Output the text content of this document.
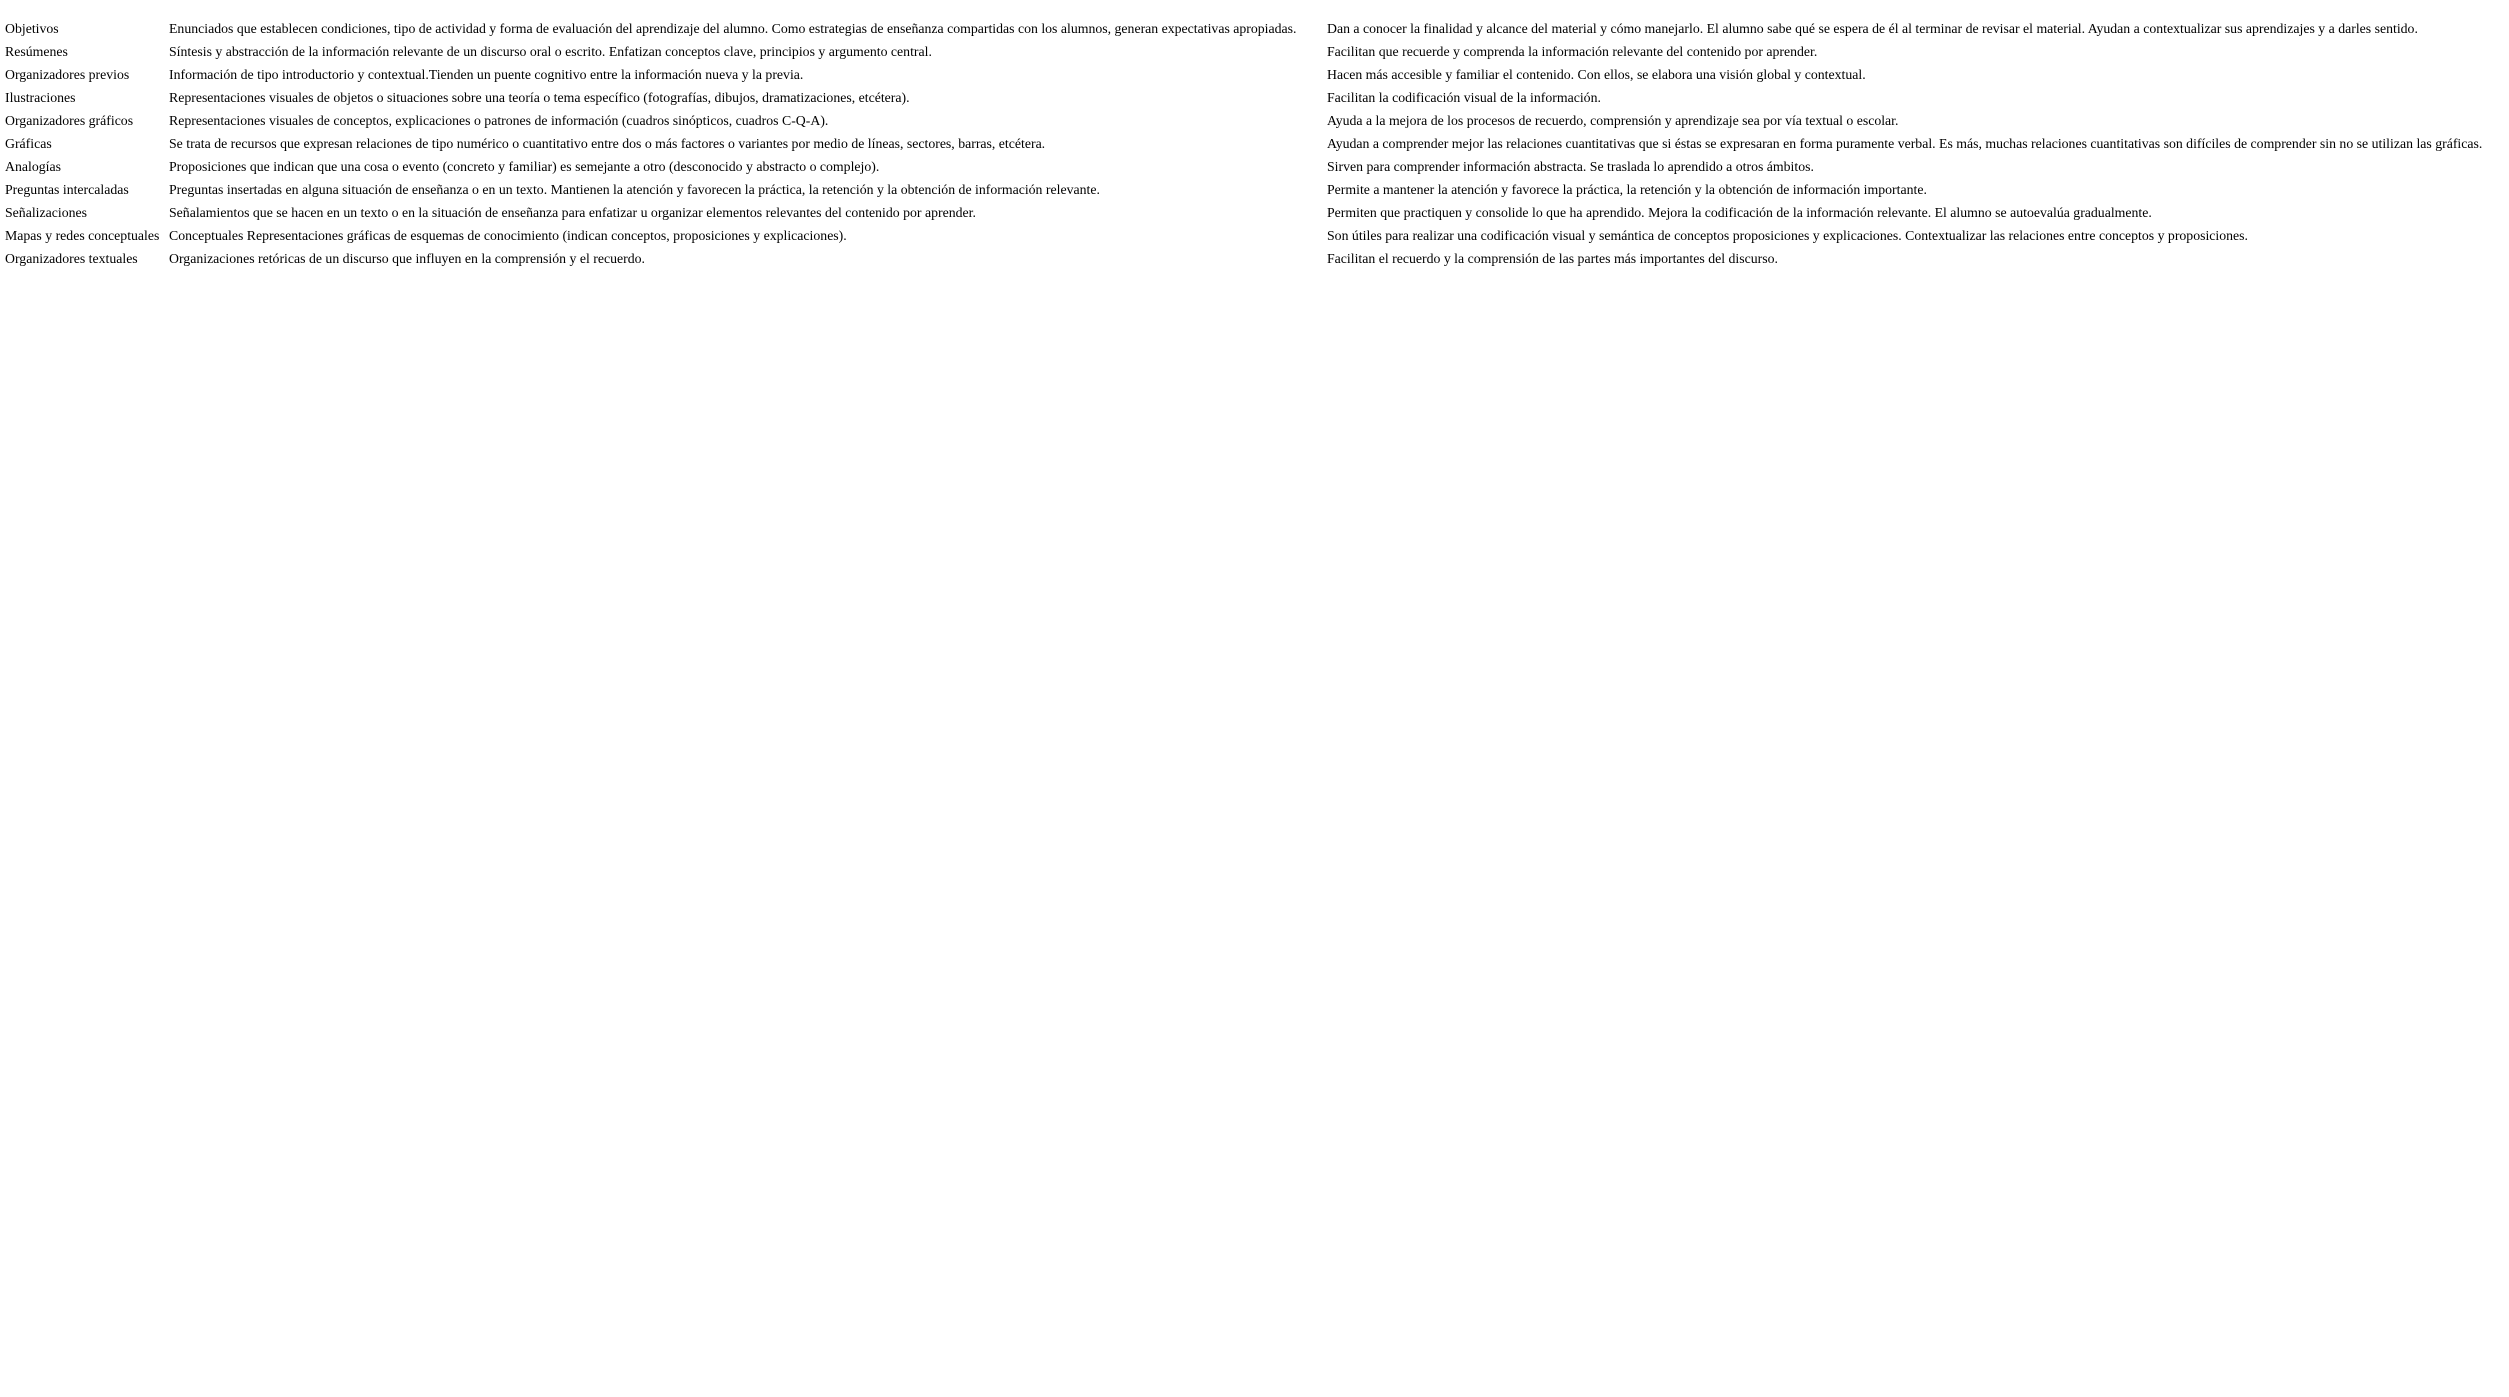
Objetivos	Enunciados que establecen condiciones, tipo de actividad y forma de evaluación del aprendizaje del alumno. Como estrategias de enseñanza compartidas con los alumnos, generan expectativas apropiadas.	Dan a conocer la finalidad y alcance del material y cómo manejarlo. El alumno sabe qué se espera de él al terminar de revisar el material. Ayudan a contextualizar sus aprendizajes y a darles sentido.
Resúmenes	Síntesis y abstracción de la información relevante de un discurso oral o escrito. Enfatizan conceptos clave, principios y argumento central.	Facilitan que recuerde y comprenda la información relevante del contenido por aprender.
Organizadores previos	Información de tipo introductorio y contextual.Tienden un puente cognitivo entre la información nueva y la previa.	Hacen más accesible y familiar el contenido. Con ellos, se elabora una visión global y contextual.
Ilustraciones	Representaciones visuales de objetos o situaciones sobre una teoría o tema específico (fotografías, dibujos, dramatizaciones, etcétera).	Facilitan la codificación visual de la información.
Organizadores gráficos	Representaciones visuales de conceptos, explicaciones o patrones de información (cuadros sinópticos, cuadros C-Q-A).	Ayuda a la mejora de los procesos de recuerdo, comprensión y aprendizaje sea por vía textual o escolar.
Gráficas	Se trata de recursos que expresan relaciones de tipo numérico o cuantitativo entre dos o más factores o variantes por medio de líneas, sectores, barras, etcétera.	Ayudan a comprender mejor las relaciones cuantitativas que si éstas se expresaran en forma puramente verbal. Es más, muchas relaciones cuantitativas son difíciles de comprender sin no se utilizan las gráficas.
Analogías	Proposiciones que indican que una cosa o evento (concreto y familiar) es semejante a otro (desconocido y abstracto o complejo).	Sirven para comprender información abstracta. Se traslada lo aprendido a otros ámbitos.
Preguntas intercaladas	Preguntas insertadas en alguna situación de enseñanza o en un texto. Mantienen la atención y favorecen la práctica, la retención y la obtención de información relevante.	Permite a mantener la atención y favorece la práctica, la retención y la obtención de información importante.
Señalizaciones	Señalamientos que se hacen en un texto o en la situación de enseñanza para enfatizar u organizar elementos relevantes del contenido por aprender.	Permiten que practiquen y consolide lo que ha aprendido. Mejora la codificación de la información relevante. El alumno se autoevalúa gradualmente.
Mapas y redes conceptuales	Conceptuales Representaciones gráficas de esquemas de conocimiento (indican conceptos, proposiciones y explicaciones).	Son útiles para realizar una codificación visual y semántica de conceptos proposiciones y explicaciones. Contextualizar las relaciones entre conceptos y proposiciones.
Organizadores textuales	Organizaciones retóricas de un discurso que influyen en la comprensión y el recuerdo.	Facilitan el recuerdo y la comprensión de las partes más importantes del discurso.
